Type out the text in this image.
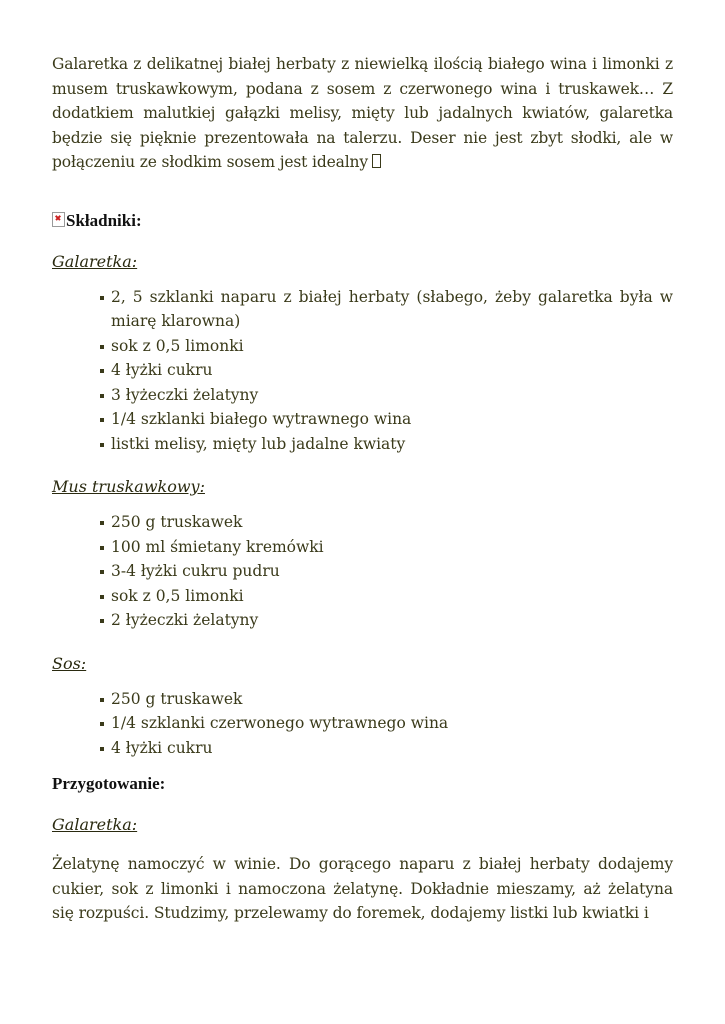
Galaretka z delikatnej białej herbaty z niewielką ilością białego wina i limonki z musem truskawkowym, podana z sosem z czerwonego wina i truskawek… Z dodatkiem malutkiej gałązki melisy, mięty lub jadalnych kwiatów, galaretka będzie się pięknie prezentowała na talerzu. Deser nie jest zbyt słodki, ale w połączeniu ze słodkim sosem jest idealny

Składniki:

Galaretka:

2, 5 szklanki naparu z białej herbaty (słabego, żeby galaretka była w miarę klarowna)
sok z 0,5 limonki
4 łyżki cukru
3 łyżeczki żelatyny
1/4 szklanki białego wytrawnego wina
listki melisy, mięty lub jadalne kwiaty

Mus truskawkowy:

250 g truskawek
100 ml śmietany kremówki
3-4 łyżki cukru pudru
sok z 0,5 limonki
2 łyżeczki żelatyny

Sos:

250 g truskawek
1/4 szklanki czerwonego wytrawnego wina
4 łyżki cukru
Przygotowanie:

Galaretka:

Żelatynę namoczyć w winie. Do gorącego naparu z białej herbaty dodajemy cukier, sok z limonki i namoczona żelatynę. Dokładnie mieszamy, aż żelatyna się rozpuści. Studzimy, przelewamy do foremek, dodajemy listki lub kwiatki i
